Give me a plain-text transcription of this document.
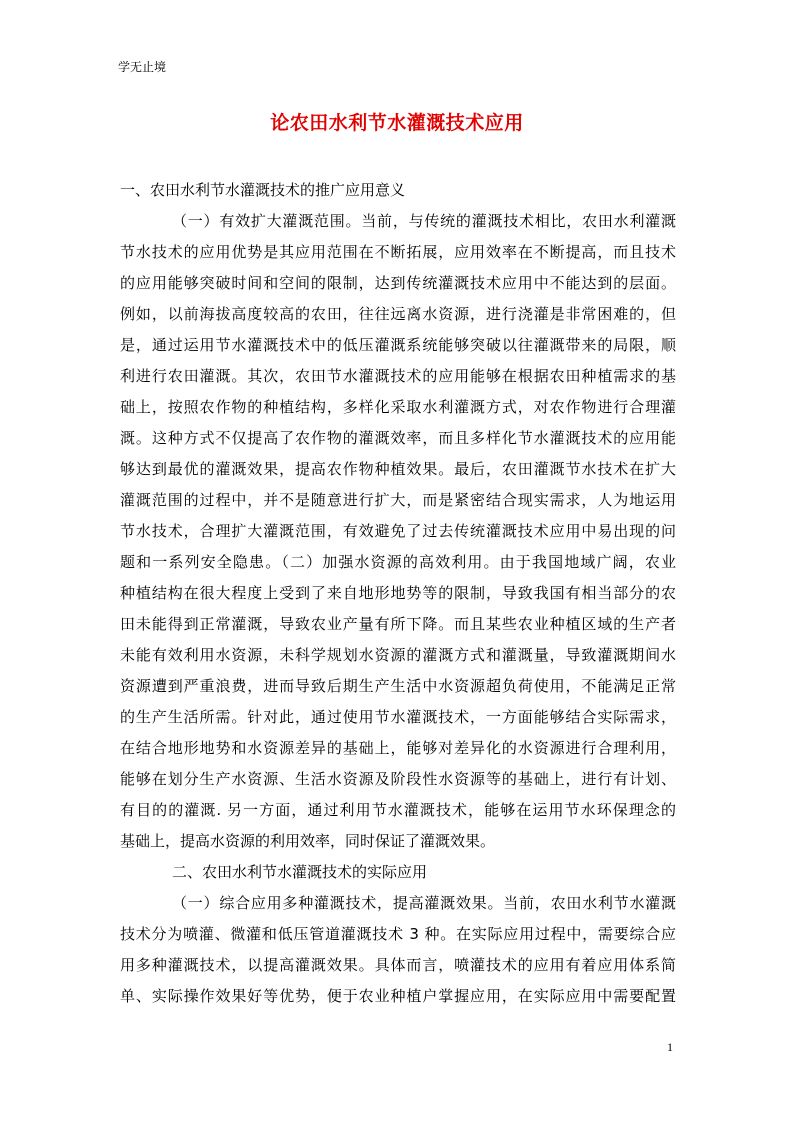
学无止境
论农田水利节水灌溉技术应用
一、农田水利节水灌溉技术的推广应用意义
（一）有效扩大灌溉范围。当前，与传统的灌溉技术相比，农田水利灌溉
节水技术的应用优势是其应用范围在不断拓展，应用效率在不断提高，而且技术
的应用能够突破时间和空间的限制，达到传统灌溉技术应用中不能达到的层面。
例如，以前海拔高度较高的农田，往往远离水资源，进行浇灌是非常困难的，但
是，通过运用节水灌溉技术中的低压灌溉系统能够突破以往灌溉带来的局限，顺
利进行农田灌溉。其次，农田节水灌溉技术的应用能够在根据农田种植需求的基
础上，按照农作物的种植结构，多样化采取水利灌溉方式，对农作物进行合理灌
溉。这种方式不仅提高了农作物的灌溉效率，而且多样化节水灌溉技术的应用能
够达到最优的灌溉效果，提高农作物种植效果。最后，农田灌溉节水技术在扩大
灌溉范围的过程中，并不是随意进行扩大，而是紧密结合现实需求，人为地运用
节水技术，合理扩大灌溉范围，有效避免了过去传统灌溉技术应用中易出现的问
题和一系列安全隐患。（二）加强水资源的高效利用。由于我国地域广阔，农业
种植结构在很大程度上受到了来自地形地势等的限制，导致我国有相当部分的农
田未能得到正常灌溉，导致农业产量有所下降。而且某些农业种植区域的生产者
未能有效利用水资源，未科学规划水资源的灌溉方式和灌溉量，导致灌溉期间水
资源遭到严重浪费，进而导致后期生产生活中水资源超负荷使用，不能满足正常
的生产生活所需。针对此，通过使用节水灌溉技术，一方面能够结合实际需求，
在结合地形地势和水资源差异的基础上，能够对差异化的水资源进行合理利用，
能够在划分生产水资源、生活水资源及阶段性水资源等的基础上，进行有计划、
有目的的灌溉. 另一方面，通过利用节水灌溉技术，能够在运用节水环保理念的
基础上，提高水资源的利用效率，同时保证了灌溉效果。
二、农田水利节水灌溉技术的实际应用
（一）综合应用多种灌溉技术，提高灌溉效果。当前，农田水利节水灌溉
技术分为喷灌、微灌和低压管道灌溉技术 3 种。在实际应用过程中，需要综合应
用多种灌溉技术，以提高灌溉效果。具体而言，喷灌技术的应用有着应用体系简
单、实际操作效果好等优势，便于农业种植户掌握应用，在实际应用中需要配置
1
